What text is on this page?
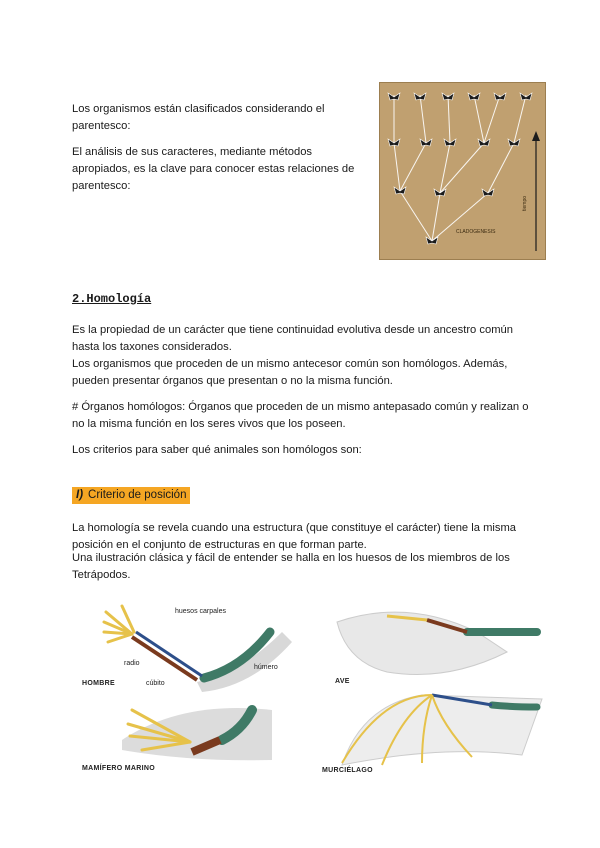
Los organismos están clasificados considerando el parentesco:
El análisis de sus caracteres, mediante métodos apropiados, es la clave para conocer estas relaciones de parentesco:
CLADOGENESIS
tiempo
2.Homología
Es la propiedad de un carácter que tiene continuidad evolutiva desde un ancestro común hasta los taxones considerados.
Los organismos que proceden de un mismo antecesor común son homólogos. Además, pueden presentar órganos que presentan o no la misma función.
# Órganos homólogos: Órganos que proceden de un mismo antepasado común y realizan o no la misma función en los seres vivos que los poseen.
Los criterios para saber qué animales son homólogos son:
I) Criterio de posición
La homología se revela cuando una estructura (que constituye el carácter) tiene la misma posición en el conjunto de estructuras en que forman parte.
Una ilustración clásica y fácil de entender se halla en los huesos de los miembros de los Tetrápodos.
huesos carpales
radio
húmero
cúbito
HOMBRE
MAMÍFERO MARINO
AVE
MURCIÉLAGO
